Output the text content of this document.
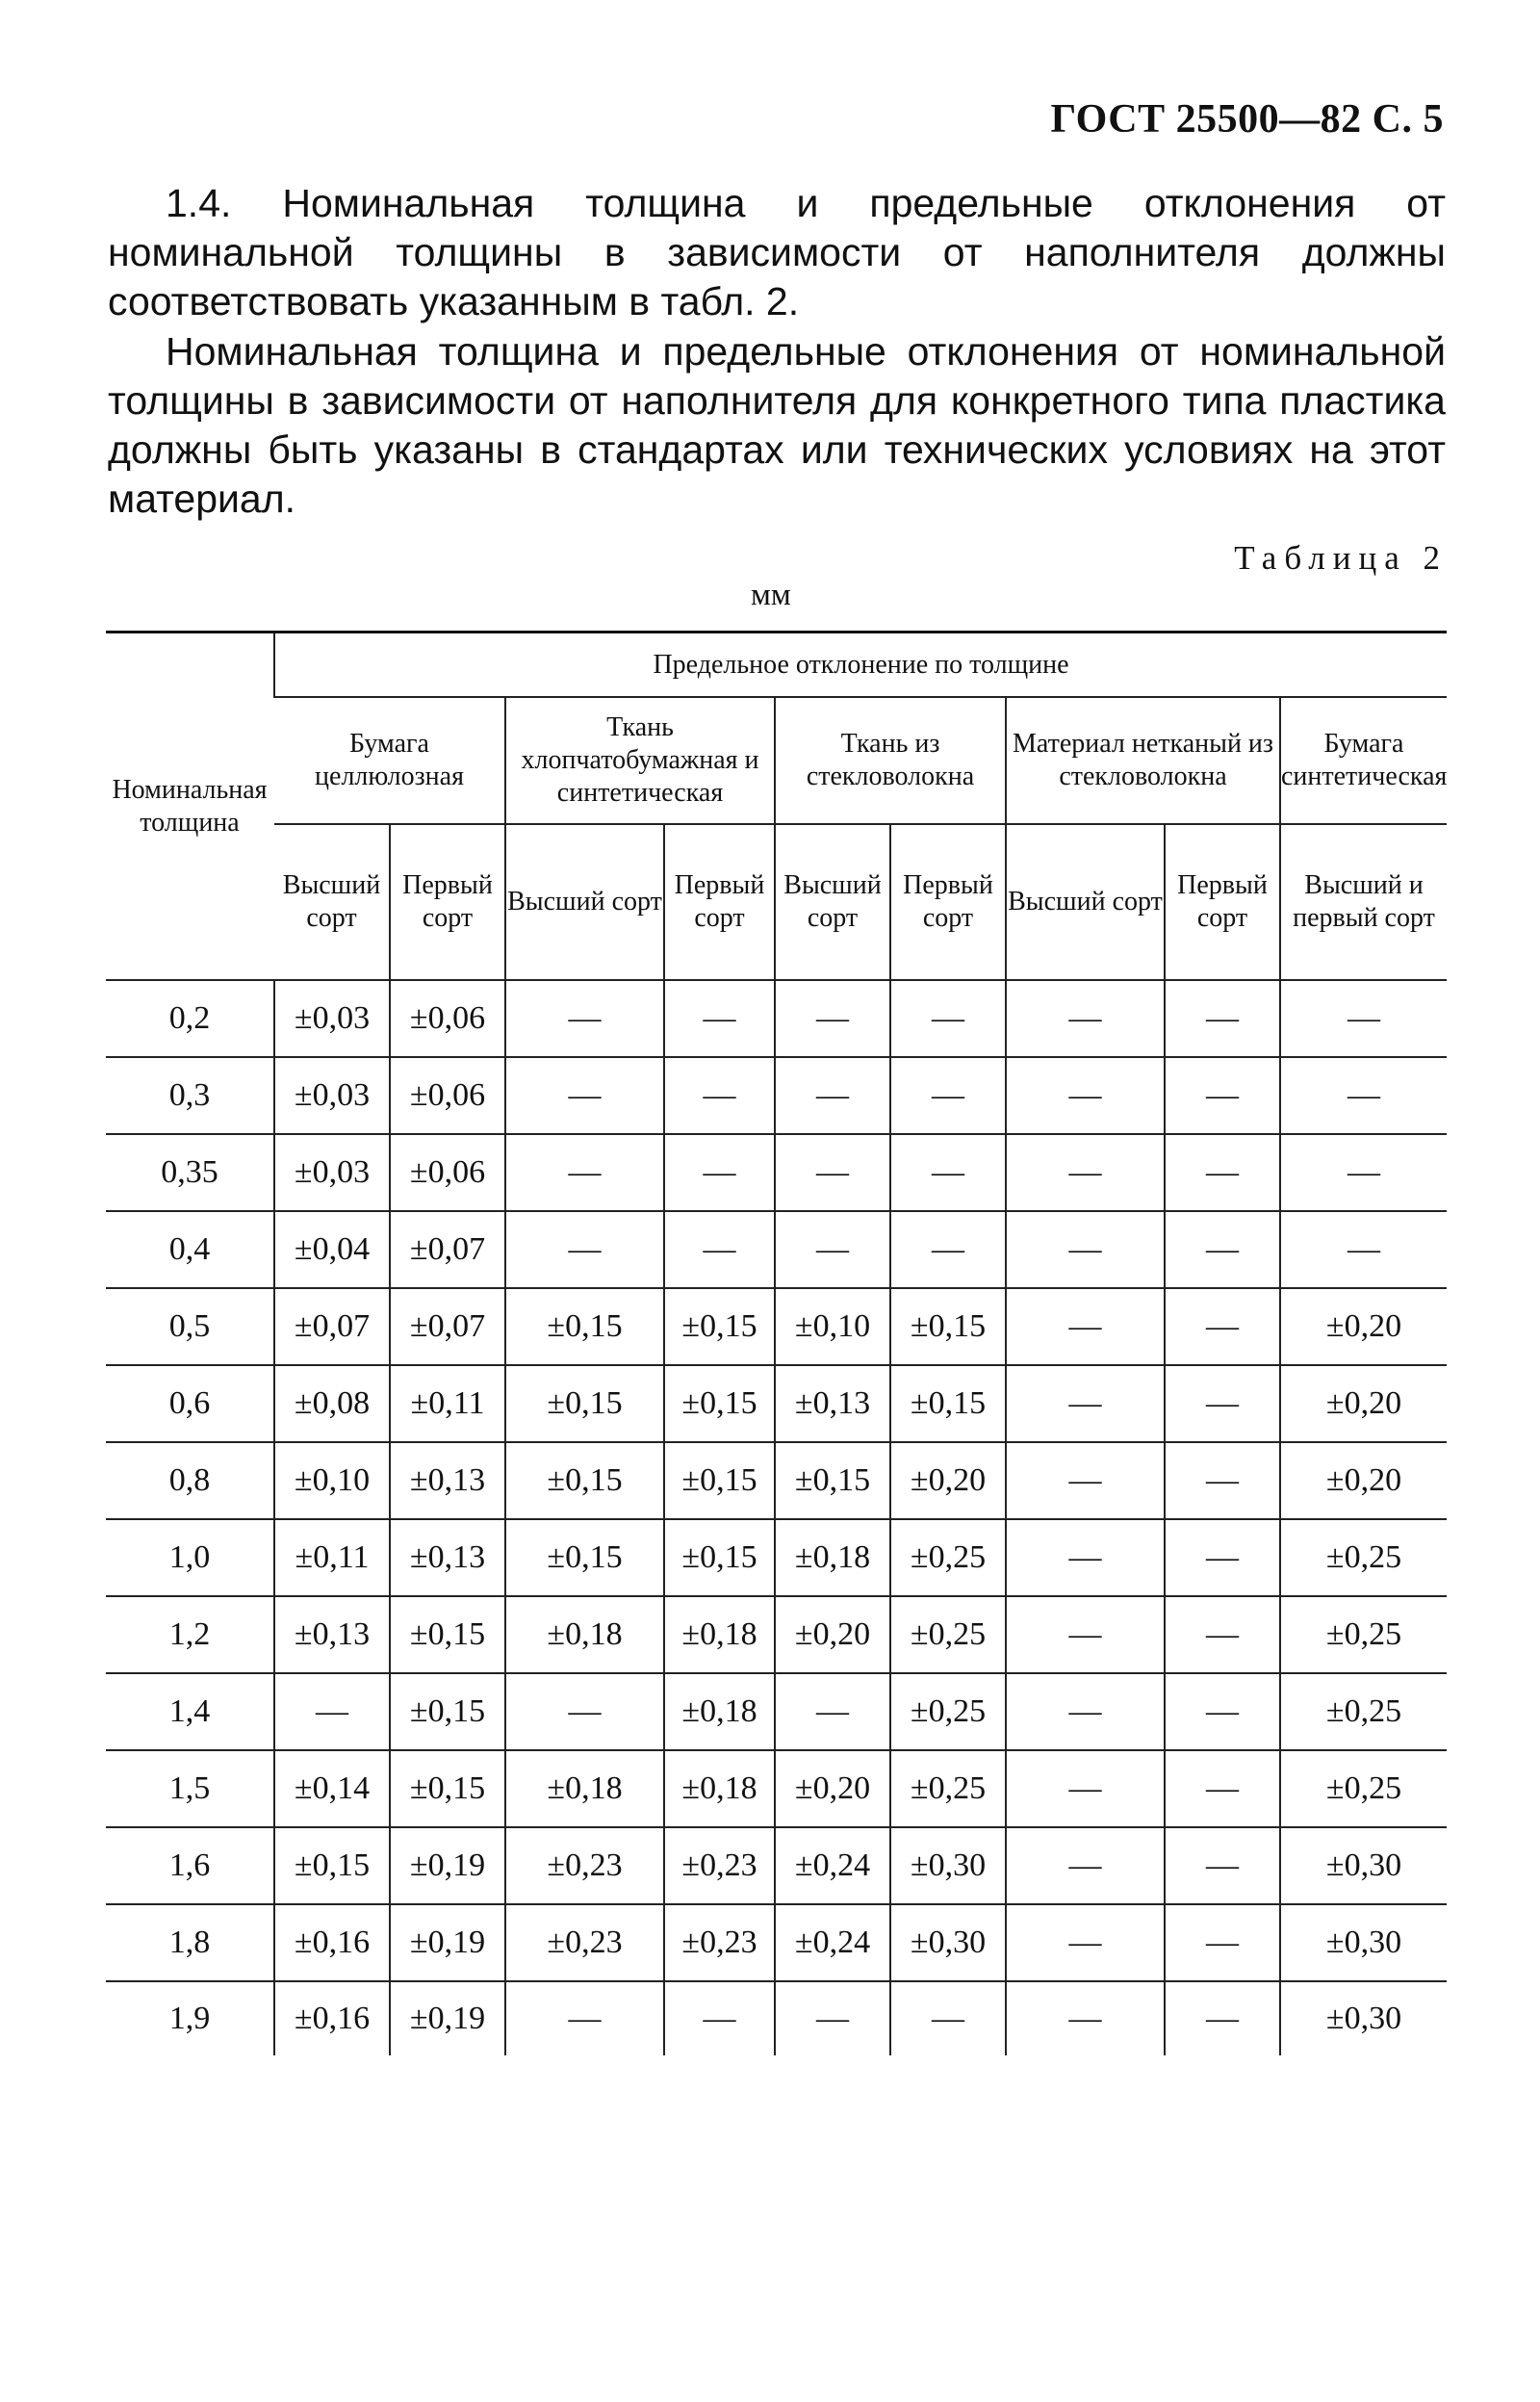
ГОСТ 25500—82 С. 5

1.4. Номинальная толщина и предельные отклонения от номинальной толщины в зависимости от наполнителя должны соответствовать указанным в табл. 2.

Номинальная толщина и предельные отклонения от номинальной толщины в зависимости от наполнителя для конкретного типа пластика должны быть указаны в стандартах или технических условиях на этот материал.

Таблица 2
мм
Номинальная толщина	Предельное отклонение по толщине								
	Бумага целлюлозная		Ткань хлопчатобумажная и синтетическая		Ткань из стекловолокна		Материал нетканый из стекловолокна		Бумага синтетическая
	Высший сорт	Первый сорт	Высший сорт	Первый сорт	Высший сорт	Первый сорт	Высший сорт	Первый сорт	Высший и первый сорт
0,2	±0,03	±0,06	—	—	—	—	—	—	—
0,3	±0,03	±0,06	—	—	—	—	—	—	—
0,35	±0,03	±0,06	—	—	—	—	—	—	—
0,4	±0,04	±0,07	—	—	—	—	—	—	—
0,5	±0,07	±0,07	±0,15	±0,15	±0,10	±0,15	—	—	±0,20
0,6	±0,08	±0,11	±0,15	±0,15	±0,13	±0,15	—	—	±0,20
0,8	±0,10	±0,13	±0,15	±0,15	±0,15	±0,20	—	—	±0,20
1,0	±0,11	±0,13	±0,15	±0,15	±0,18	±0,25	—	—	±0,25
1,2	±0,13	±0,15	±0,18	±0,18	±0,20	±0,25	—	—	±0,25
1,4	—	±0,15	—	±0,18	—	±0,25	—	—	±0,25
1,5	±0,14	±0,15	±0,18	±0,18	±0,20	±0,25	—	—	±0,25
1,6	±0,15	±0,19	±0,23	±0,23	±0,24	±0,30	—	—	±0,30
1,8	±0,16	±0,19	±0,23	±0,23	±0,24	±0,30	—	—	±0,30
1,9	±0,16	±0,19	—	—	—	—	—	—	±0,30
